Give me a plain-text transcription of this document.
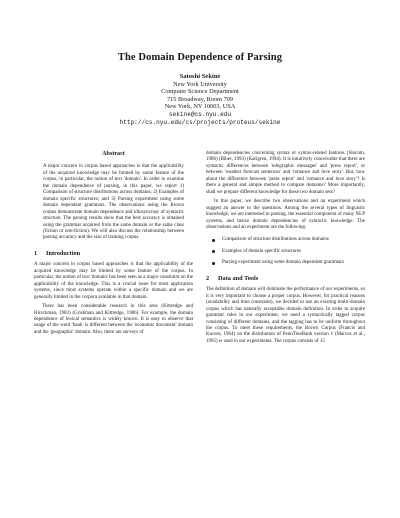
The Domain Dependence of Parsing
Satoshi Sekine
New York University
Computer Science Department
715 Broadway, Room 709
New York, NY 10003, USA
sekine@cs.nyu.edu
http://cs.nyu.edu/cs/projects/proteus/sekine
Abstract

A major concern in corpus based approaches is that the applicability of the acquired knowledge may be limited by some feature of the corpus, in particular, the notion of text 'domain'. In order to examine the domain dependence of parsing, in this paper, we report 1) Comparison of structure distributions across domains; 2) Examples of domain specific structures; and 3) Parsing experiment using some domain dependent grammars. The observations using the Brown corpus demonstrate domain dependence and idiosyncrasy of syntactic structure. The parsing results show that the best accuracy is obtained using the grammar acquired from the same domain or the same class (fiction or non-fiction). We will also discuss the relationship between parsing accuracy and the size of training corpus.

1 Introduction

A major concern in corpus based approaches is that the applicability of the acquired knowledge may be limited by some feature of the corpus. In particular, the notion of text 'domain' has been seen as a major constraint on the applicability of the knowledge. This is a crucial issue for most application systems, since most systems operate within a specific domain and we are generally limited in the corpora available in that domain.

There has been considerable research in this area (Kittredge and Hirschman, 1983) (Grishman and Kittredge, 1986). For example, the domain dependence of lexical semantics is widely known. It is easy to observe that usage of the word 'bank' is different between the 'economic document' domain and the 'geographic' domain. Also, there are surveys of

domain dependencies concerning syntax or syntax-related features (Slocum, 1986) (Biber, 1993) (Karlgren, 1994). It is intuitively conceivable that there are syntactic differences between 'telegraphic messages' and 'press report', or between 'weather forecast sentences' and 'romance and love story'. But, how about the difference between 'press report' and 'romance and love story'? Is there a general and simple method to compare domains? More importantly, shall we prepare different knowledge for these two domain sets?

In this paper, we describe two observations and an experiment which suggest an answer to the questions. Among the several types of linguistic knowledge, we are interested in parsing, the essential component of many NLP systems, and hence domain dependencies of syntactic knowledge. The observations and an experiment are the following:

Comparison of structure distributions across domains
Examples of domain specific structures
Parsing experiment using some domain dependent grammars
2 Data and Tools

The definition of domain will dominate the performance of our experiments, so it is very important to choose a proper corpus. However, for practical reasons (availability and time constraint), we decided to use an existing multi-domain corpus which has naturally acceptable domain definition. In order to acquire grammar rules in our experiment, we need a syntactically tagged corpus consisting of different domains, and the tagging has to be uniform throughout the corpus. To meet these requirements, the Brown Corpus (Francis and Kucera, 1964) on the distribution of PennTreeBank version 1 (Marcus et al., 1995) is used in our experiments. The corpus consists of 15
